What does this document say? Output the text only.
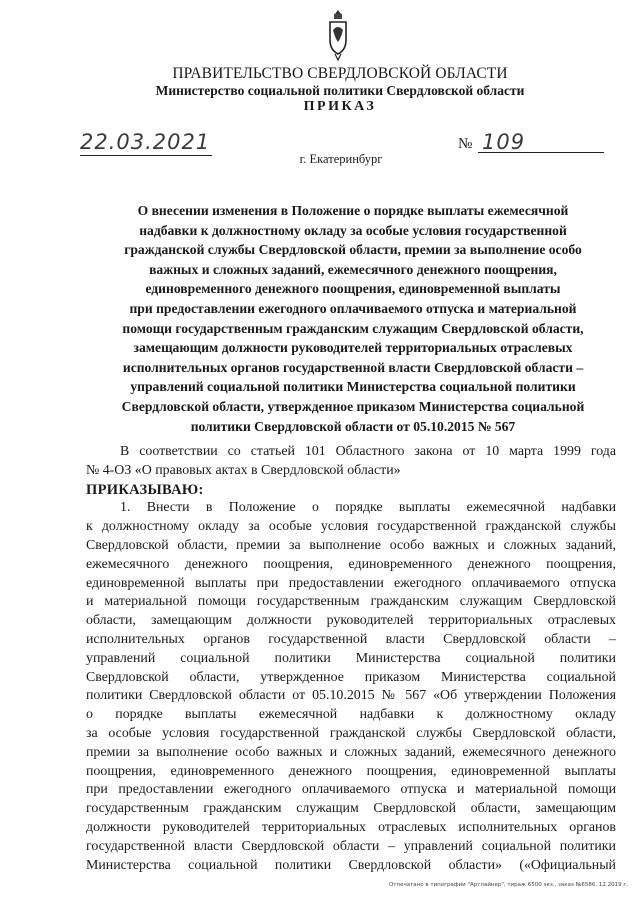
ПРАВИТЕЛЬСТВО СВЕРДЛОВСКОЙ ОБЛАСТИ
Министерство социальной политики Свердловской области
ПРИКАЗ
22.03.2021	№ 109
г. Екатеринбург
О внесении изменения в Положение о порядке выплаты ежемесячной
надбавки к должностному окладу за особые условия государственной
гражданской службы Свердловской области, премии за выполнение особо
важных и сложных заданий, ежемесячного денежного поощрения,
единовременного денежного поощрения, единовременной выплаты
при предоставлении ежегодного оплачиваемого отпуска и материальной
помощи государственным гражданским служащим Свердловской области,
замещающим должности руководителей территориальных отраслевых
исполнительных органов государственной власти Свердловской области –
управлений социальной политики Министерства социальной политики
Свердловской области, утвержденное приказом Министерства социальной
политики Свердловской области от 05.10.2015 № 567
В соответствии со статьей 101 Областного закона от 10 марта 1999 года
№ 4-ОЗ «О правовых актах в Свердловской области»
ПРИКАЗЫВАЮ:
1. Внести в Положение о порядке выплаты ежемесячной надбавки
к должностному окладу за особые условия государственной гражданской службы
Свердловской области, премии за выполнение особо важных и сложных заданий,
ежемесячного денежного поощрения, единовременного денежного поощрения,
единовременной выплаты при предоставлении ежегодного оплачиваемого отпуска
и материальной помощи государственным гражданским служащим Свердловской
области, замещающим должности руководителей территориальных отраслевых
исполнительных органов государственной власти Свердловской области –
управлений социальной политики Министерства социальной политики
Свердловской области, утвержденное приказом Министерства социальной
политики Свердловской области от 05.10.2015 № 567 «Об утверждении Положения
о порядке выплаты ежемесячной надбавки к должностному окладу
за особые условия государственной гражданской службы Свердловской области,
премии за выполнение особо важных и сложных заданий, ежемесячного денежного
поощрения, единовременного денежного поощрения, единовременной выплаты
при предоставлении ежегодного оплачиваемого отпуска и материальной помощи
государственным гражданским служащим Свердловской области, замещающим
должности руководителей территориальных отраслевых исполнительных органов
государственной власти Свердловской области – управлений социальной политики
Министерства социальной политики Свердловской области» («Официальный
Отпечатано в типографии "Артлайнер", тираж 6500 экз., заказ №6586. 12.2019 г.
